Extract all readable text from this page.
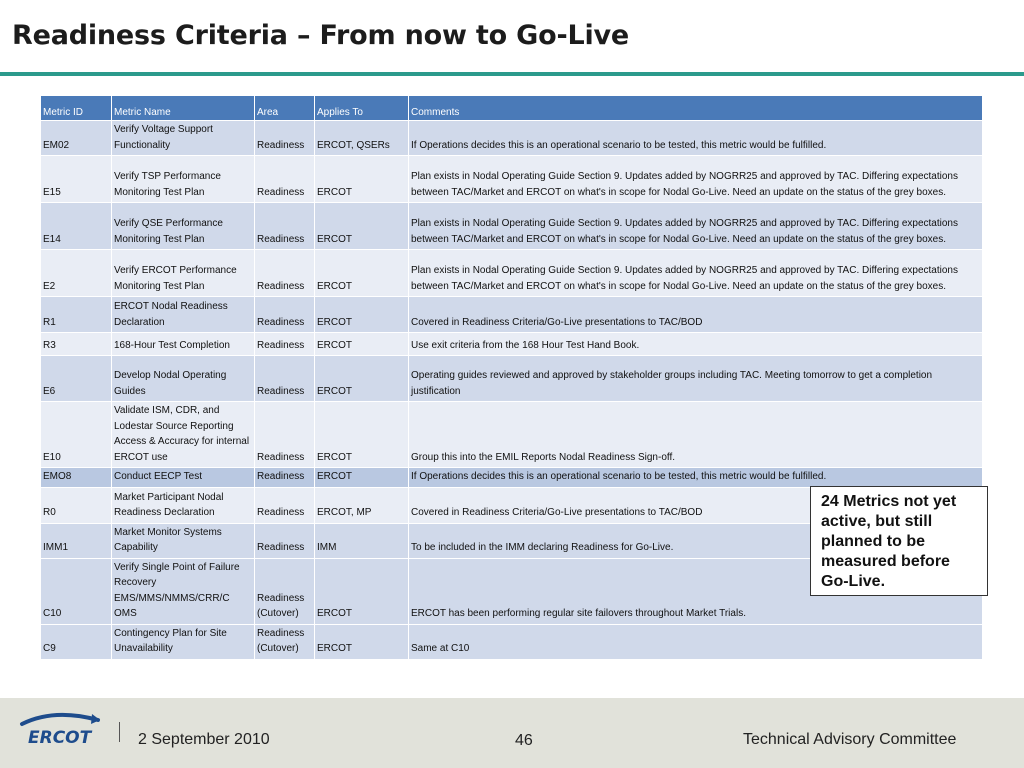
Readiness Criteria – From now to Go-Live
Metric ID	Metric Name	Area	Applies To	Comments
EM02	Verify Voltage Support Functionality	Readiness	ERCOT, QSERs	If Operations decides this is an operational scenario to be tested, this metric would be fulfilled.
E15	Verify TSP Performance Monitoring Test Plan	Readiness	ERCOT	Plan exists in Nodal Operating Guide Section 9. Updates added by NOGRR25 and approved by TAC. Differing expectations between TAC/Market and ERCOT on what's in scope for Nodal Go-Live. Need an update on the status of the grey boxes.
E14	Verify QSE Performance Monitoring Test Plan	Readiness	ERCOT	Plan exists in Nodal Operating Guide Section 9. Updates added by NOGRR25 and approved by TAC. Differing expectations between TAC/Market and ERCOT on what's in scope for Nodal Go-Live. Need an update on the status of the grey boxes.
E2	Verify ERCOT Performance Monitoring Test Plan	Readiness	ERCOT	Plan exists in Nodal Operating Guide Section 9. Updates added by NOGRR25 and approved by TAC. Differing expectations between TAC/Market and ERCOT on what's in scope for Nodal Go-Live. Need an update on the status of the grey boxes.
R1	ERCOT Nodal Readiness Declaration	Readiness	ERCOT	Covered in Readiness Criteria/Go-Live presentations to TAC/BOD
R3	168-Hour Test Completion	Readiness	ERCOT	Use exit criteria from the 168 Hour Test Hand Book.
E6	Develop Nodal Operating Guides	Readiness	ERCOT	Operating guides reviewed and approved by stakeholder groups including TAC. Meeting tomorrow to get a completion justification
E10	Validate ISM, CDR, and Lodestar Source Reporting Access & Accuracy for internal ERCOT use	Readiness	ERCOT	Group this into the EMIL Reports Nodal Readiness Sign-off.
EMO8	Conduct EECP Test	Readiness	ERCOT	If Operations decides this is an operational scenario to be tested, this metric would be fulfilled.
R0	Market Participant Nodal Readiness Declaration	Readiness	ERCOT, MP	Covered in Readiness Criteria/Go-Live presentations to TAC/BOD
IMM1	Market Monitor Systems Capability	Readiness	IMM	To be included in the IMM declaring Readiness for Go-Live.
C10	Verify Single Point of Failure Recovery EMS/MMS/NMMS/CRR/C OMS	Readiness (Cutover)	ERCOT	ERCOT has been performing regular site failovers throughout Market Trials.
C9	Contingency Plan for Site Unavailability	Readiness (Cutover)	ERCOT	Same at C10
24 Metrics not yet active, but still planned to be measured before Go-Live.
ERCOT	2 September 2010	46	Technical Advisory Committee
